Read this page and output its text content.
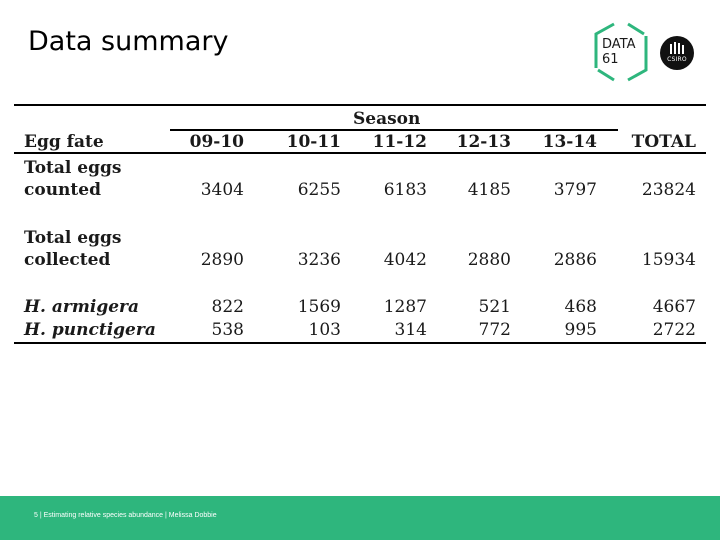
Data summary	DATA
61	CSIRO
Season
Egg fate	09-10	10-11	11-12	12-13	13-14	TOTAL
Total eggs
counted	3404	6255	6183	4185	3797	23824
Total eggs
collected	2890	3236	4042	2880	2886	15934
H. armigera	822	1569	1287	521	468	4667
H. punctigera	538	103	314	772	995	2722
5 | Estimating relative species abundance | Melissa Dobbie
